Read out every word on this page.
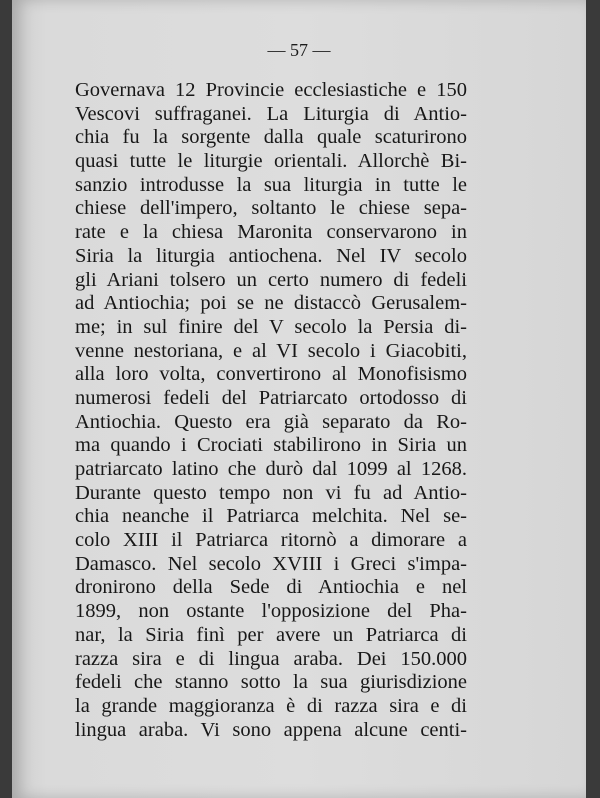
— 57 —
Governava 12 Provincie ecclesiastiche e 150
Vescovi suffraganei. La Liturgia di Antio-
chia fu la sorgente dalla quale scaturirono
quasi tutte le liturgie orientali. Allorchè Bi-
sanzio introdusse la sua liturgia in tutte le
chiese dell'impero, soltanto le chiese sepa-
rate e la chiesa Maronita conservarono in
Siria la liturgia antiochena. Nel IV secolo
gli Ariani tolsero un certo numero di fedeli
ad Antiochia; poi se ne distaccò Gerusalem-
me; in sul finire del V secolo la Persia di-
venne nestoriana, e al VI secolo i Giacobiti,
alla loro volta, convertirono al Monofisismo
numerosi fedeli del Patriarcato ortodosso di
Antiochia. Questo era già separato da Ro-
ma quando i Crociati stabilirono in Siria un
patriarcato latino che durò dal 1099 al 1268.
Durante questo tempo non vi fu ad Antio-
chia neanche il Patriarca melchita. Nel se-
colo XIII il Patriarca ritornò a dimorare a
Damasco. Nel secolo XVIII i Greci s'impa-
dronirono della Sede di Antiochia e nel
1899, non ostante l'opposizione del Pha-
nar, la Siria finì per avere un Patriarca di
razza sira e di lingua araba. Dei 150.000
fedeli che stanno sotto la sua giurisdizione
la grande maggioranza è di razza sira e di
lingua araba. Vi sono appena alcune centi-
